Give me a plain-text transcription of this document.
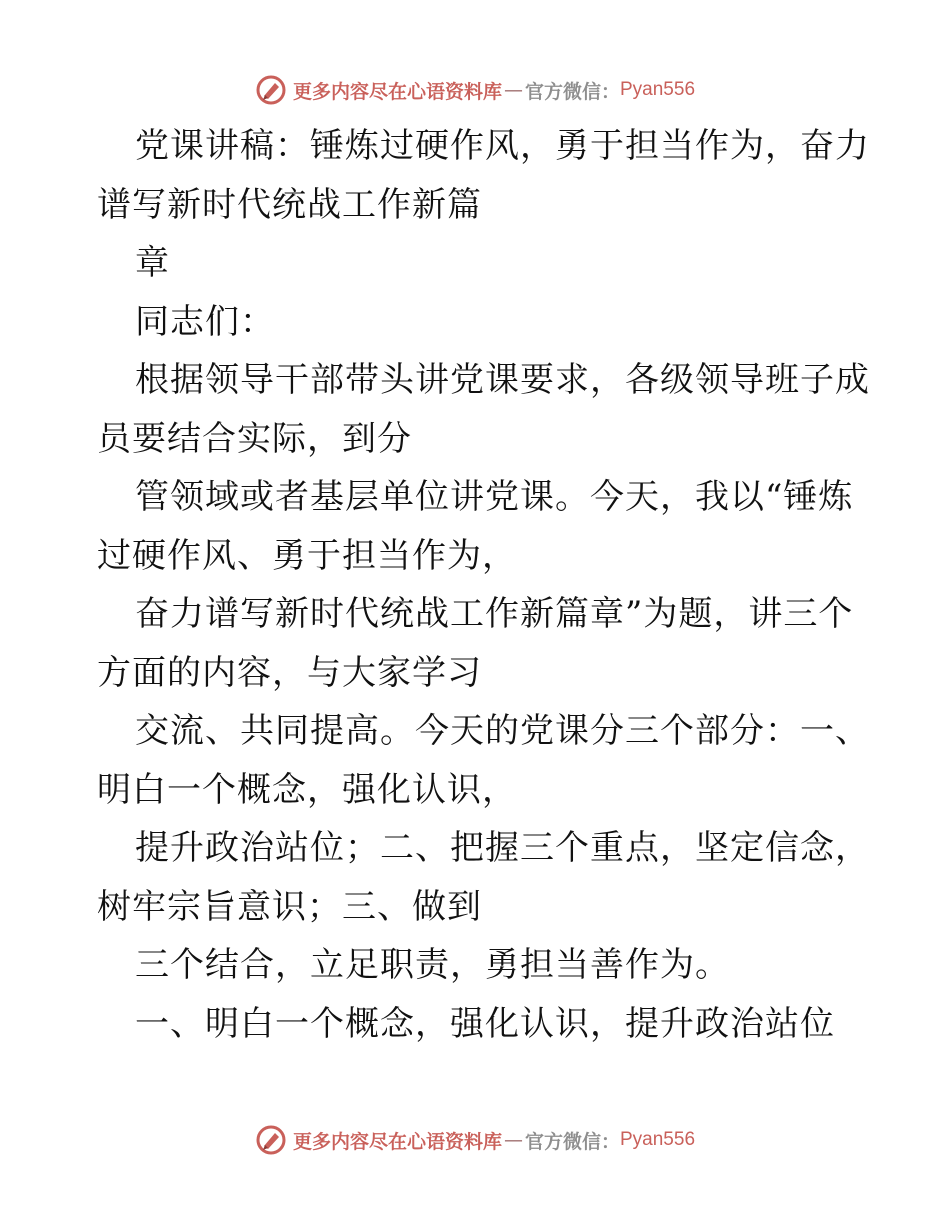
更多内容尽在心语资料库 — 官方微信： Pyan556

党课讲稿：锤炼过硬作风，勇于担当作为，奋力

谱写新时代统战工作新篇

章

同志们：

根据领导干部带头讲党课要求，各级领导班子成

员要结合实际，到分

管领域或者基层单位讲党课。今天，我以“锤炼

过硬作风、勇于担当作为，

奋力谱写新时代统战工作新篇章”为题，讲三个

方面的内容，与大家学习

交流、共同提高。今天的党课分三个部分：一、

明白一个概念，强化认识，

提升政治站位；二、把握三个重点，坚定信念，

树牢宗旨意识；三、做到

三个结合，立足职责，勇担当善作为。

一、明白一个概念，强化认识，提升政治站位

更多内容尽在心语资料库 — 官方微信： Pyan556
